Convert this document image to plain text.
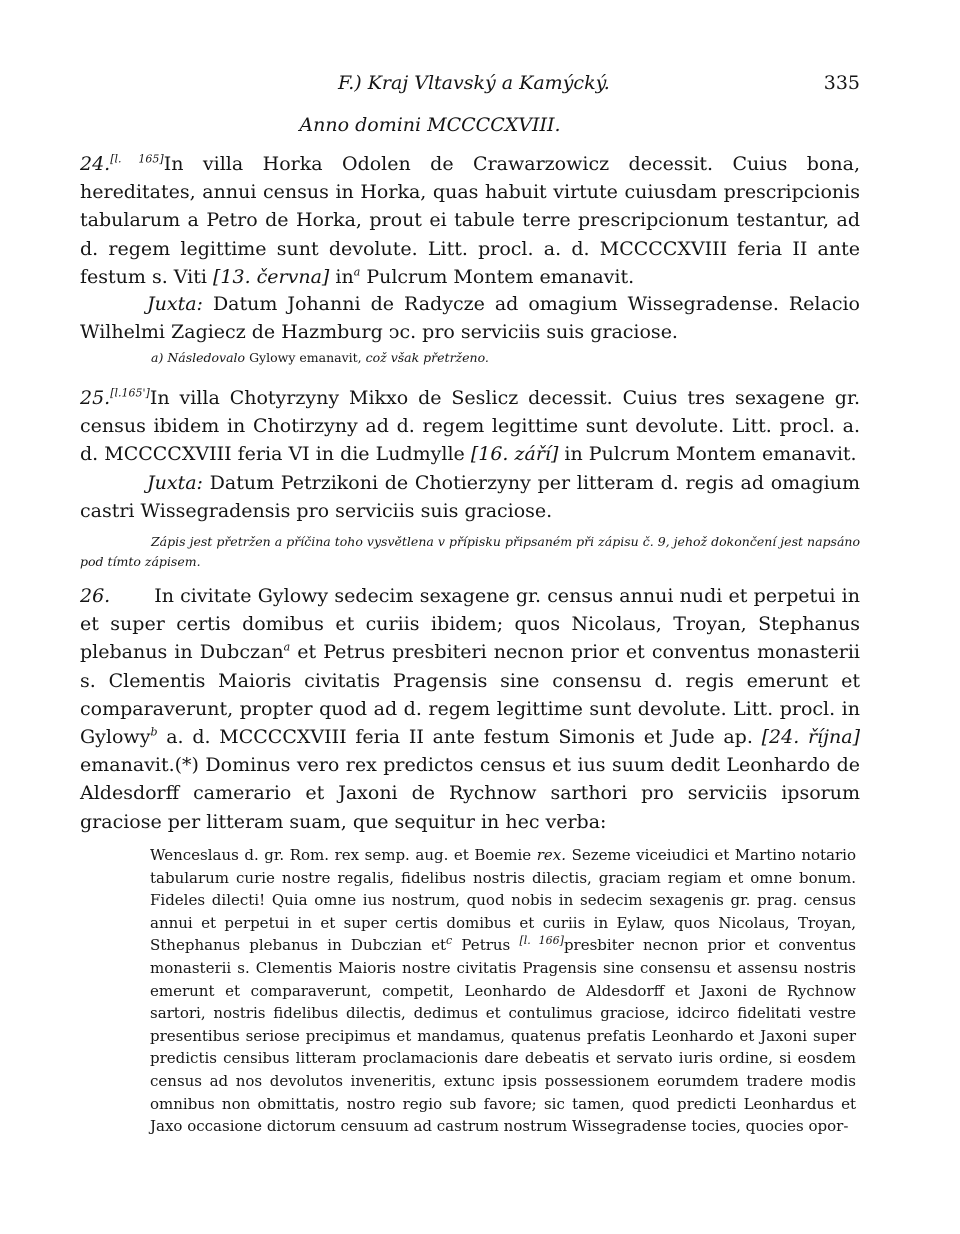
F.) Kraj Vltavský a Kamýcký.	335
Anno domini MCCCCXVIII.

24.[l. 165]In villa Horka Odolen de Crawarzowicz decessit. Cuius bona, hereditates, annui census in Horka, quas habuit virtute cuiusdam prescripcionis tabularum a Petro de Horka, prout ei tabule terre prescripcionum testantur, ad d. regem legittime sunt devolute. Litt. procl. a. d. MCCCCXVIII feria II ante festum s. Viti [13. června] $in^a$ Pulcrum Montem emanavit.

Juxta: Datum Johanni de Radycze ad omagium Wissegradense. Relacio Wilhelmi Zagiecz de Hazmburg ͻc. pro serviciis suis graciose.

a) Následovalo Gylowy emanavit, což však přetrženo.

25.[l.165']In villa Chotyrzyny Mikxo de Seslicz decessit. Cuius tres sexagene gr. census ibidem in Chotirzyny ad d. regem legittime sunt devolute. Litt. procl. a. d. MCCCCXVIII feria VI in die Ludmylle [16. září] in Pulcrum Montem emanavit.

Juxta: Datum Petrzikoni de Chotierzyny per litteram d. regis ad omagium castri Wissegradensis pro serviciis suis graciose.

Zápis jest přetržen a příčina toho vysvětlena v přípisku připsaném při zápisu č. 9, jehož dokončení jest napsáno pod tímto zápisem.

26. In civitate Gylowy sedecim sexagene gr. census annui nudi et perpetui in et super certis domibus et curiis ibidem; quos Nicolaus, Troyan, Stephanus plebanus in Dubczan$^a$ et Petrus presbiteri necnon prior et conventus monasterii s. Clementis Maioris civitatis Pragensis sine consensu d. regis emerunt et comparaverunt, propter quod ad d. regem legittime sunt devolute. Litt. procl. in Gylowy$^b$ a. d. MCCCCXVIII feria II ante festum Simonis et Jude ap. [24. října] emanavit.(*) Dominus vero rex predictos census et ius suum dedit Leonhardo de Aldesdorff camerario et Jaxoni de Rychnow sarthori pro serviciis ipsorum graciose per litteram suam, que sequitur in hec verba:

Wenceslaus d. gr. Rom. rex semp. aug. et Boemie rex. Sezeme viceiudici et Martino notario tabularum curie nostre regalis, fidelibus nostris dilectis, graciam regiam et omne bonum. Fideles dilecti! Quia omne ius nostrum, quod nobis in sedecim sexagenis gr. prag. census annui et perpetui in et super certis domibus et curiis in Eylaw, quos Nicolaus, Troyan, Sthephanus plebanus in Dubczian $et^c$ Petrus [l. 166]presbiter necnon prior et conventus monasterii s. Clementis Maioris nostre civitatis Pragensis sine consensu et assensu nostris emerunt et comparaverunt, competit, Leonhardo de Aldesdorff et Jaxoni de Rychnow sartori, nostris fidelibus dilectis, dedimus et contulimus graciose, idcirco fidelitati vestre presentibus seriose precipimus et mandamus, quatenus prefatis Leonhardo et Jaxoni super predictis censibus litteram proclamacionis dare debeatis et servato iuris ordine, si eosdem census ad nos devolutos inveneritis, extunc ipsis possessionem eorumdem tradere modis omnibus non obmittatis, nostro regio sub favore; sic tamen, quod predicti Leonhardus et Jaxo occasione dictorum censuum ad castrum nostrum Wissegradense tocies, quocies opor-
